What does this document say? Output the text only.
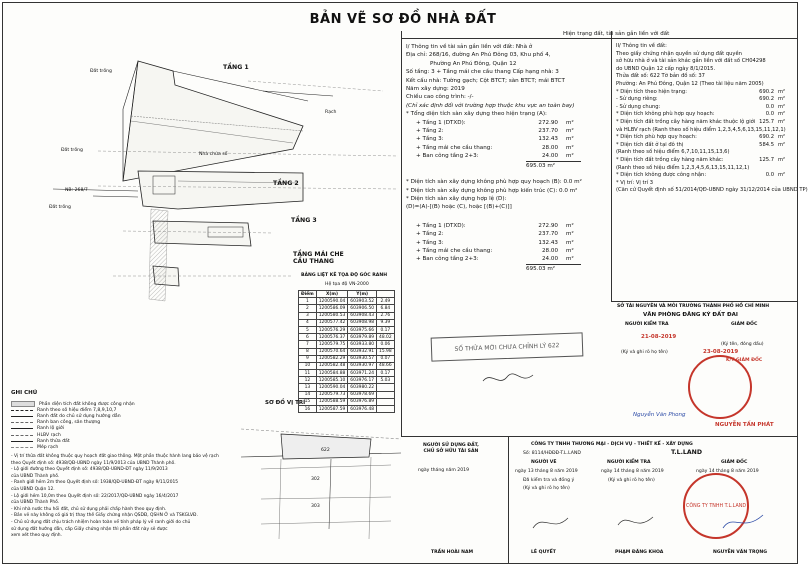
BẢN VẼ SƠ ĐỒ NHÀ ĐẤT
Hiện trạng đất, tài sản gắn liền với đất
TẦNG 1
TẦNG 2
TẦNG 3
TẦNG MÁI CHE
CẦU THANG
Đất trống
Đất trống
Đất trống
Rạch
Nhà chứa sổ
NB: 268/7
BẢNG LIỆT KÊ TỌA ĐỘ GÓC RANH
Hệ tọa độ VN-2000
Điểm	X(m)	Y(m)	
1	1200590.04	603903.52	2.49
2	1200586.09	603906.50	6.84
3	1200580.53	603908.43	2.76
4	1200577.42	603908.98	9.39
5	1200576.29	603975.66	0.17
6	1200576.37	603979.89	48.02
7	1200579.75	603933.80	0.06
8	1200570.64	603932.91	15.98
9	1200582.29	603930.57	0.07
10	1200582.48	603930.97	48.66
11	1200584.88	603971.24	0.17
12	1200585.10	603976.17	5.03
13	1200590.04	603980.22	
14	1200579.73	603978.69	
15	1200588.59	603976.89	
16	1200587.59	603976.48	
GHI CHÚ
Phần diện tích đất không được công nhận
Ranh theo số hiệu điểm 7,8,9,10,7
Ranh đất do chủ sử dụng hướng dẫn
Ranh ban công, sân thượng
Ranh lộ giới
HLBV rạch
Ranh thửa đất
Mép rạch
- Vị trí thửa đất không thuộc quy hoạch đất giao thông. Một phần thuộc hành lang bảo vệ rạch
theo Quyết định số: 4938/QĐ-UBND ngày 11/9/2013 của UBND Thành phố.
- Lộ giới đường theo Quyết định số: 4938/QĐ-UBND-ĐT ngày 11/9/2013
của UBND Thành phố.
- Ranh giới hẻm 2m theo Quyết định số: 1938/QĐ-UBND-ĐT ngày 9/11/2015
của UBND Quận 12.
- Lộ giới hẻm 10,0m theo Quyết định số: 22/2017/QĐ-UBND ngày 16/4/2017
của UBND Thành Phố.
- Khi nhà nước thu hồi đất, chủ sử dụng phải chấp hành theo quy định.
- Bản vẽ này không có giá trị thay thế Giấy chứng nhận QSDĐ, QSHN Ở và TSKGLVĐ.
- Chủ sử dụng đất chịu trách nhiệm hoàn toàn về tính pháp lý về ranh giới do chủ
sử dụng đất hướng dẫn, cấp Giấy chứng nhận thì phần đất này sẽ được
xem xét theo quy định.
SƠ ĐỒ VỊ TRÍ
622
302
303
I/ Thông tin về tài sản gắn liền với đất: Nhà ở
Địa chỉ: 268/16, đường An Phú Đông 03, Khu phố 4,
Phường An Phú Đông, Quận 12
Số tầng: 3 + Tầng mái che cầu thang Cấp hạng nhà: 3
Kết cấu nhà: Tường gạch; Cột BTCT; sàn BTCT; mái BTCT
Năm xây dựng: 2019
Chiều cao công trình: -/-
(Chỉ xác định đối với trường hợp thuộc khu vực an toàn bay)
* Tổng diện tích sàn xây dựng theo hiện trạng (A):
+ Tầng 1 (DTXD):	272.90	m²
+ Tầng 2:	237.70	m²
+ Tầng 3:	132.43	m²
+ Tầng mái che cầu thang:	28.00	m²
+ Ban công tầng 2+3:	24.00	m²
695.03 m²
* Diện tích sàn xây dựng không phù hợp quy hoạch (B): 0.0 m²
* Diện tích sàn xây dựng không phù hợp kiến trúc (C): 0.0 m²
* Diện tích sàn xây dựng hợp lệ (D):
(D)=(A)-[(B) hoặc (C), hoặc [(B)+(C)]]
+ Tầng 1 (DTXD):	272.90	m²
+ Tầng 2:	237.70	m²
+ Tầng 3:	132.43	m²
+ Tầng mái che cầu thang:	28.00	m²
+ Ban công tầng 2+3:	24.00	m²
695.03 m²
II/ Thông tin về đất:
Theo giấy chứng nhận quyền sử dụng đất quyền
sở hữu nhà ở và tài sản khác gắn liền với đất số CH04298
do UBND Quận 12 cấp ngày 8/1/2015.
Thửa đất số: 622 Tờ bản đồ số: 37
Phường: An Phú Đông, Quận 12 (Theo tài liệu năm 2005)
* Diện tích theo hiện trạng:	690.2 m²
- Sử dụng riêng:	690.2 m²
- Sử dụng chung:	0.0 m²
* Diện tích không phù hợp quy hoạch:	0.0 m²
* Diện tích đất trồng cây hàng năm khác thuộc lộ giới 125.7 m²
và HLBV rạch (Ranh theo số hiệu điểm 1,2,3,4,5,6,13,15,11,12,1)
* Diện tích phù hợp quy hoạch:	690.2 m²
* Diện tích đất ở tại đô thị	584.5 m²
(Ranh theo số hiệu điểm 6,7,10,11,15,13,6)
* Diện tích đất trồng cây hàng năm khác:	125.7 m²
(Ranh theo số hiệu điểm 1,2,3,4,5,6,13,15,11,12,1)
* Diện tích không được công nhận:	0.0 m²
* Vị trí: Vị trí 3
(Căn cứ Quyết định số 51/2014/QĐ-UBND ngày 31/12/2014 của UBND TP)
SỞ TÀI NGUYÊN VÀ MÔI TRƯỜNG THÀNH PHỐ HỒ CHÍ MINH
VĂN PHÒNG ĐĂNG KÝ ĐẤT ĐAI
NGƯỜI KIỂM TRA	GIÁM ĐỐC
(Ký và ghi rõ họ tên)
(Ký tên, đóng dấu)
21-08-2019
23-08-2019
K/T GIÁM ĐỐC
Nguyễn Văn Phong
NGUYỄN TẤN PHÁT
SỐ THỬA MỚI CHƯA CHỈNH LÝ 622
NGƯỜI SỬ DỤNG ĐẤT,
CHỦ SỞ HỮU TÀI SẢN
ngày tháng năm 2019
TRẦN HOÀI NAM
CÔNG TY TNHH THƯƠNG MẠI - DỊCH VỤ - THIẾT KẾ - XÂY DỰNG
Số: 8114/HĐĐĐ-T.L.LAND	T.L.LAND
NGƯỜI VẼ	NGƯỜI KIỂM TRA	GIÁM ĐỐC
ngày 13 tháng 8 năm 2019	ngày 14 tháng 8 năm 2019	ngày 14 tháng 8 năm 2019
Đã kiểm tra và đồng ý
(Ký và ghi rõ họ tên)
(Ký và ghi rõ họ tên)
LÊ QUYẾT	PHẠM ĐĂNG KHOA	NGUYỄN VĂN TRỌNG
CÔNG TY TNHH T.L.LAND
